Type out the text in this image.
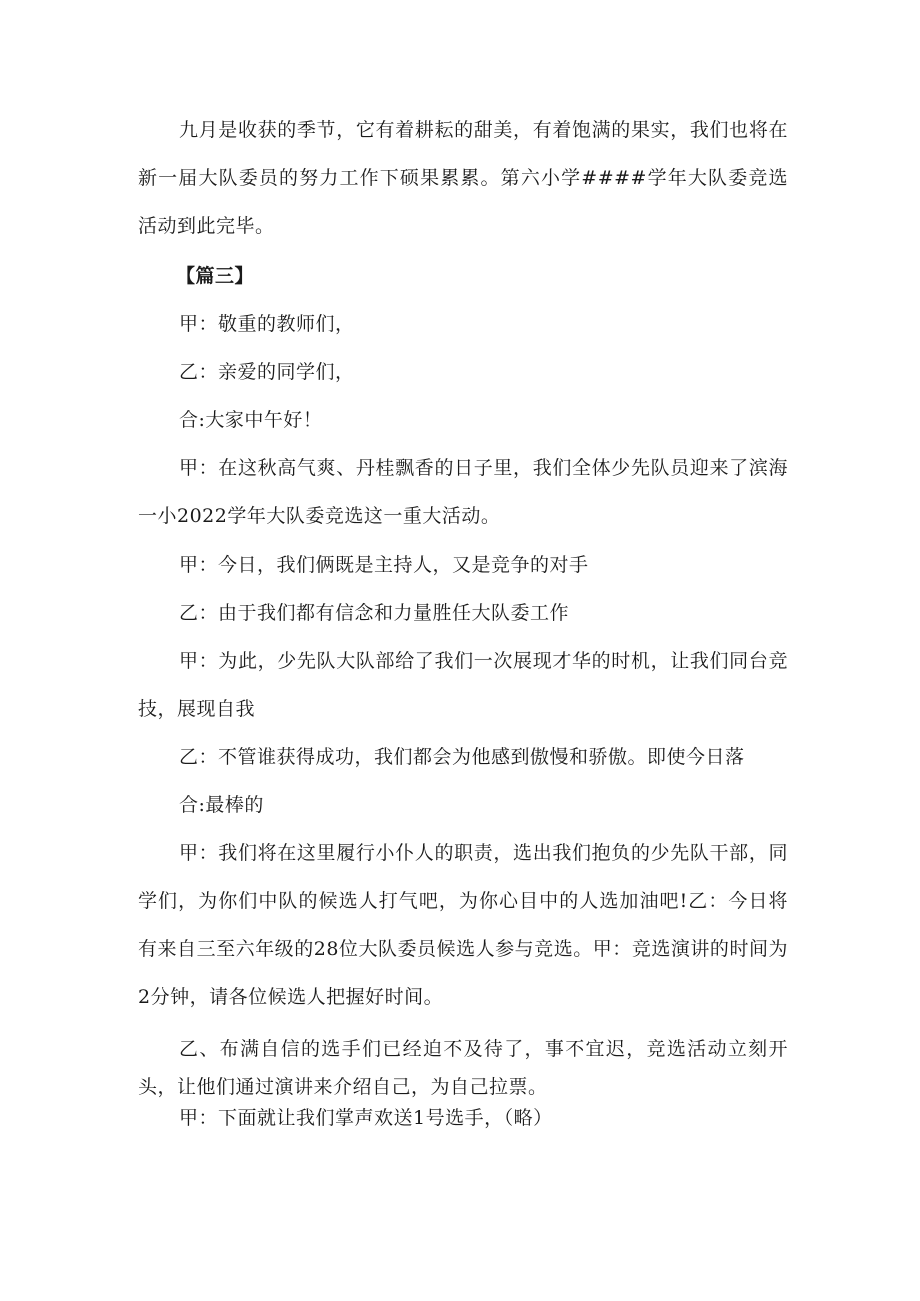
九月是收获的季节，它有着耕耘的甜美，有着饱满的果实，我们也将在新一届大队委员的努力工作下硕果累累。第六小学####学年大队委竞选活动到此完毕。

【篇三】

甲：敬重的教师们，

乙：亲爱的同学们，

合:大家中午好！

甲：在这秋高气爽、丹桂飘香的日子里，我们全体少先队员迎来了滨海一小2022学年大队委竞选这一重大活动。

甲：今日，我们俩既是主持人，又是竞争的对手

乙：由于我们都有信念和力量胜任大队委工作

甲：为此，少先队大队部给了我们一次展现才华的时机，让我们同台竞技，展现自我

乙：不管谁获得成功，我们都会为他感到傲慢和骄傲。即使今日落

合:最棒的

甲：我们将在这里履行小仆人的职责，选出我们抱负的少先队干部，同学们，为你们中队的候选人打气吧，为你心目中的人选加油吧!乙：今日将有来自三至六年级的28位大队委员候选人参与竞选。甲：竞选演讲的时间为2分钟，请各位候选人把握好时间。

乙、布满自信的选手们已经迫不及待了，事不宜迟，竞选活动立刻开头，让他们通过演讲来介绍自己，为自己拉票。

甲：下面就让我们掌声欢送1号选手，（略）
